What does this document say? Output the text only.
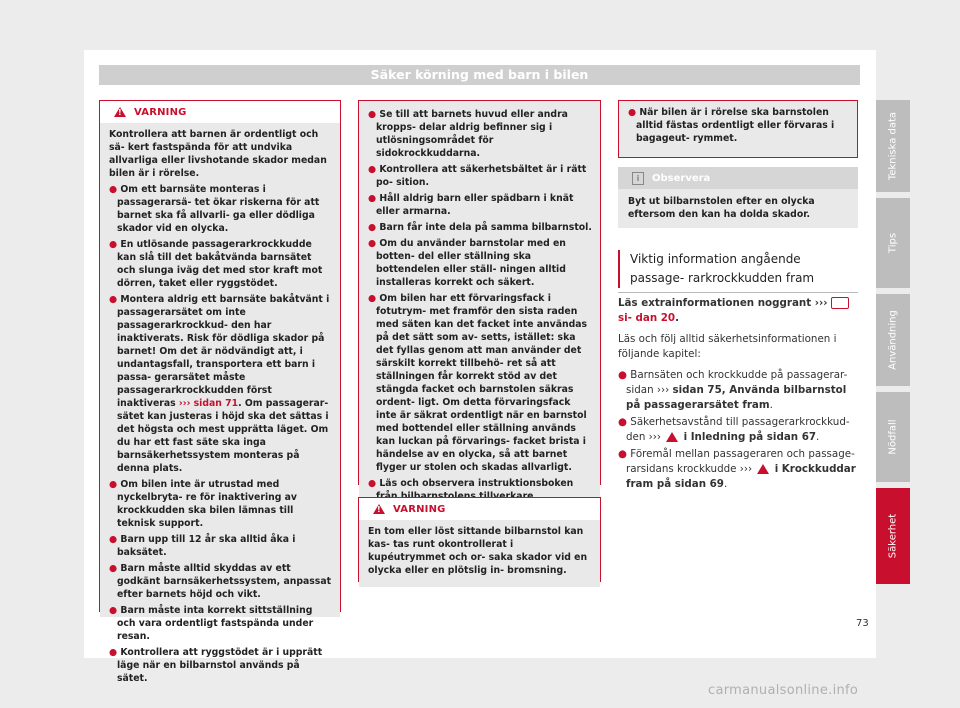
Säker körning med barn i bilen
!
VARNING

Kontrollera att barnen är ordentligt och sä- kert fastspända för att undvika allvarliga eller livshotande skador medan bilen är i rörelse.

● Om ett barnsäte monteras i passagerarsä- tet ökar riskerna för att barnet ska få allvarli- ga eller dödliga skador vid en olycka.
● En utlösande passagerarkrockkudde kan slå till det bakåtvända barnsätet och slunga iväg det med stor kraft mot dörren, taket eller ryggstödet.
● Montera aldrig ett barnsäte bakåtvänt i passagerarsätet om inte passagerarkrockkud- den har inaktiverats. Risk för dödliga skador på barnet! Om det är nödvändigt att, i undantagsfall, transportera ett barn i passa- gerarsätet måste passagerarkrockkudden först inaktiveras ››› sidan 71. Om passagerar- sätet kan justeras i höjd ska det sättas i det högsta och mest upprätta läget. Om du har ett fast säte ska inga barnsäkerhetssystem monteras på denna plats.
● Om bilen inte är utrustad med nyckelbryta- re för inaktivering av krockkudden ska bilen lämnas till teknisk support.
● Barn upp till 12 år ska alltid åka i baksätet.
● Barn måste alltid skyddas av ett godkänt barnsäkerhetssystem, anpassat efter barnets höjd och vikt.
● Barn måste inta korrekt sittställning och vara ordentligt fastspända under resan.
● Kontrollera att ryggstödet är i upprätt läge när en bilbarnstol används på sätet.
● Se till att barnets huvud eller andra kropps- delar aldrig befinner sig i utlösningsområdet för sidokrockkuddarna.
● Kontrollera att säkerhetsbältet är i rätt po- sition.
● Håll aldrig barn eller spädbarn i knät eller armarna.
● Barn får inte dela på samma bilbarnstol.
● Om du använder barnstolar med en botten- del eller ställning ska bottendelen eller ställ- ningen alltid installeras korrekt och säkert.
● Om bilen har ett förvaringsfack i fotutrym- met framför den sista raden med säten kan det facket inte användas på det sätt som av- setts, istället: ska det fyllas genom att man använder det särskilt korrekt tillbehö- ret så att ställningen får korrekt stöd av det stängda facket och barnstolen säkras ordent- ligt. Om detta förvaringsfack inte är säkrat ordentligt när en barnstol med bottendel eller ställning används kan luckan på förvarings- facket brista i händelse av en olycka, så att barnet flyger ur stolen och skadas allvarligt.
● Läs och observera instruktionsboken
!
VARNING

En tom eller löst sittande bilbarnstol kan kas- tas runt okontrollerat i kupéutrymmet och or- saka skador vid en olycka eller en plötslig in- bromsning.

● När bilen är i rörelse ska barnstolen alltid fästas ordentligt eller förvaras i bagageut- rymmet.
i	Observera
Byt ut bilbarnstolen efter en olycka eftersom den kan ha dolda skador.
Viktig information angående passage- rarkrockkudden fram

Läs extrainformationen noggrant ›››si- dan 20.

Läs och följ alltid säkerhetsinformationen i följande kapitel:

● Barnsäten och krockkudde på passagerar- sidan ››› sidan 75, Använda bilbarnstol på passagerarsätet fram.
● Säkerhetsavstånd till passagerarkrockkud- den ››› ! i Inledning på sidan 67.
● Föremål mellan passageraren och passage- rarsidans krockkudde ››› ! i Krockkuddar fram på sidan 69.
Tekniska data
Tips
Användning
Nödfall
Säkerhet
73
carmanualsonline.info
